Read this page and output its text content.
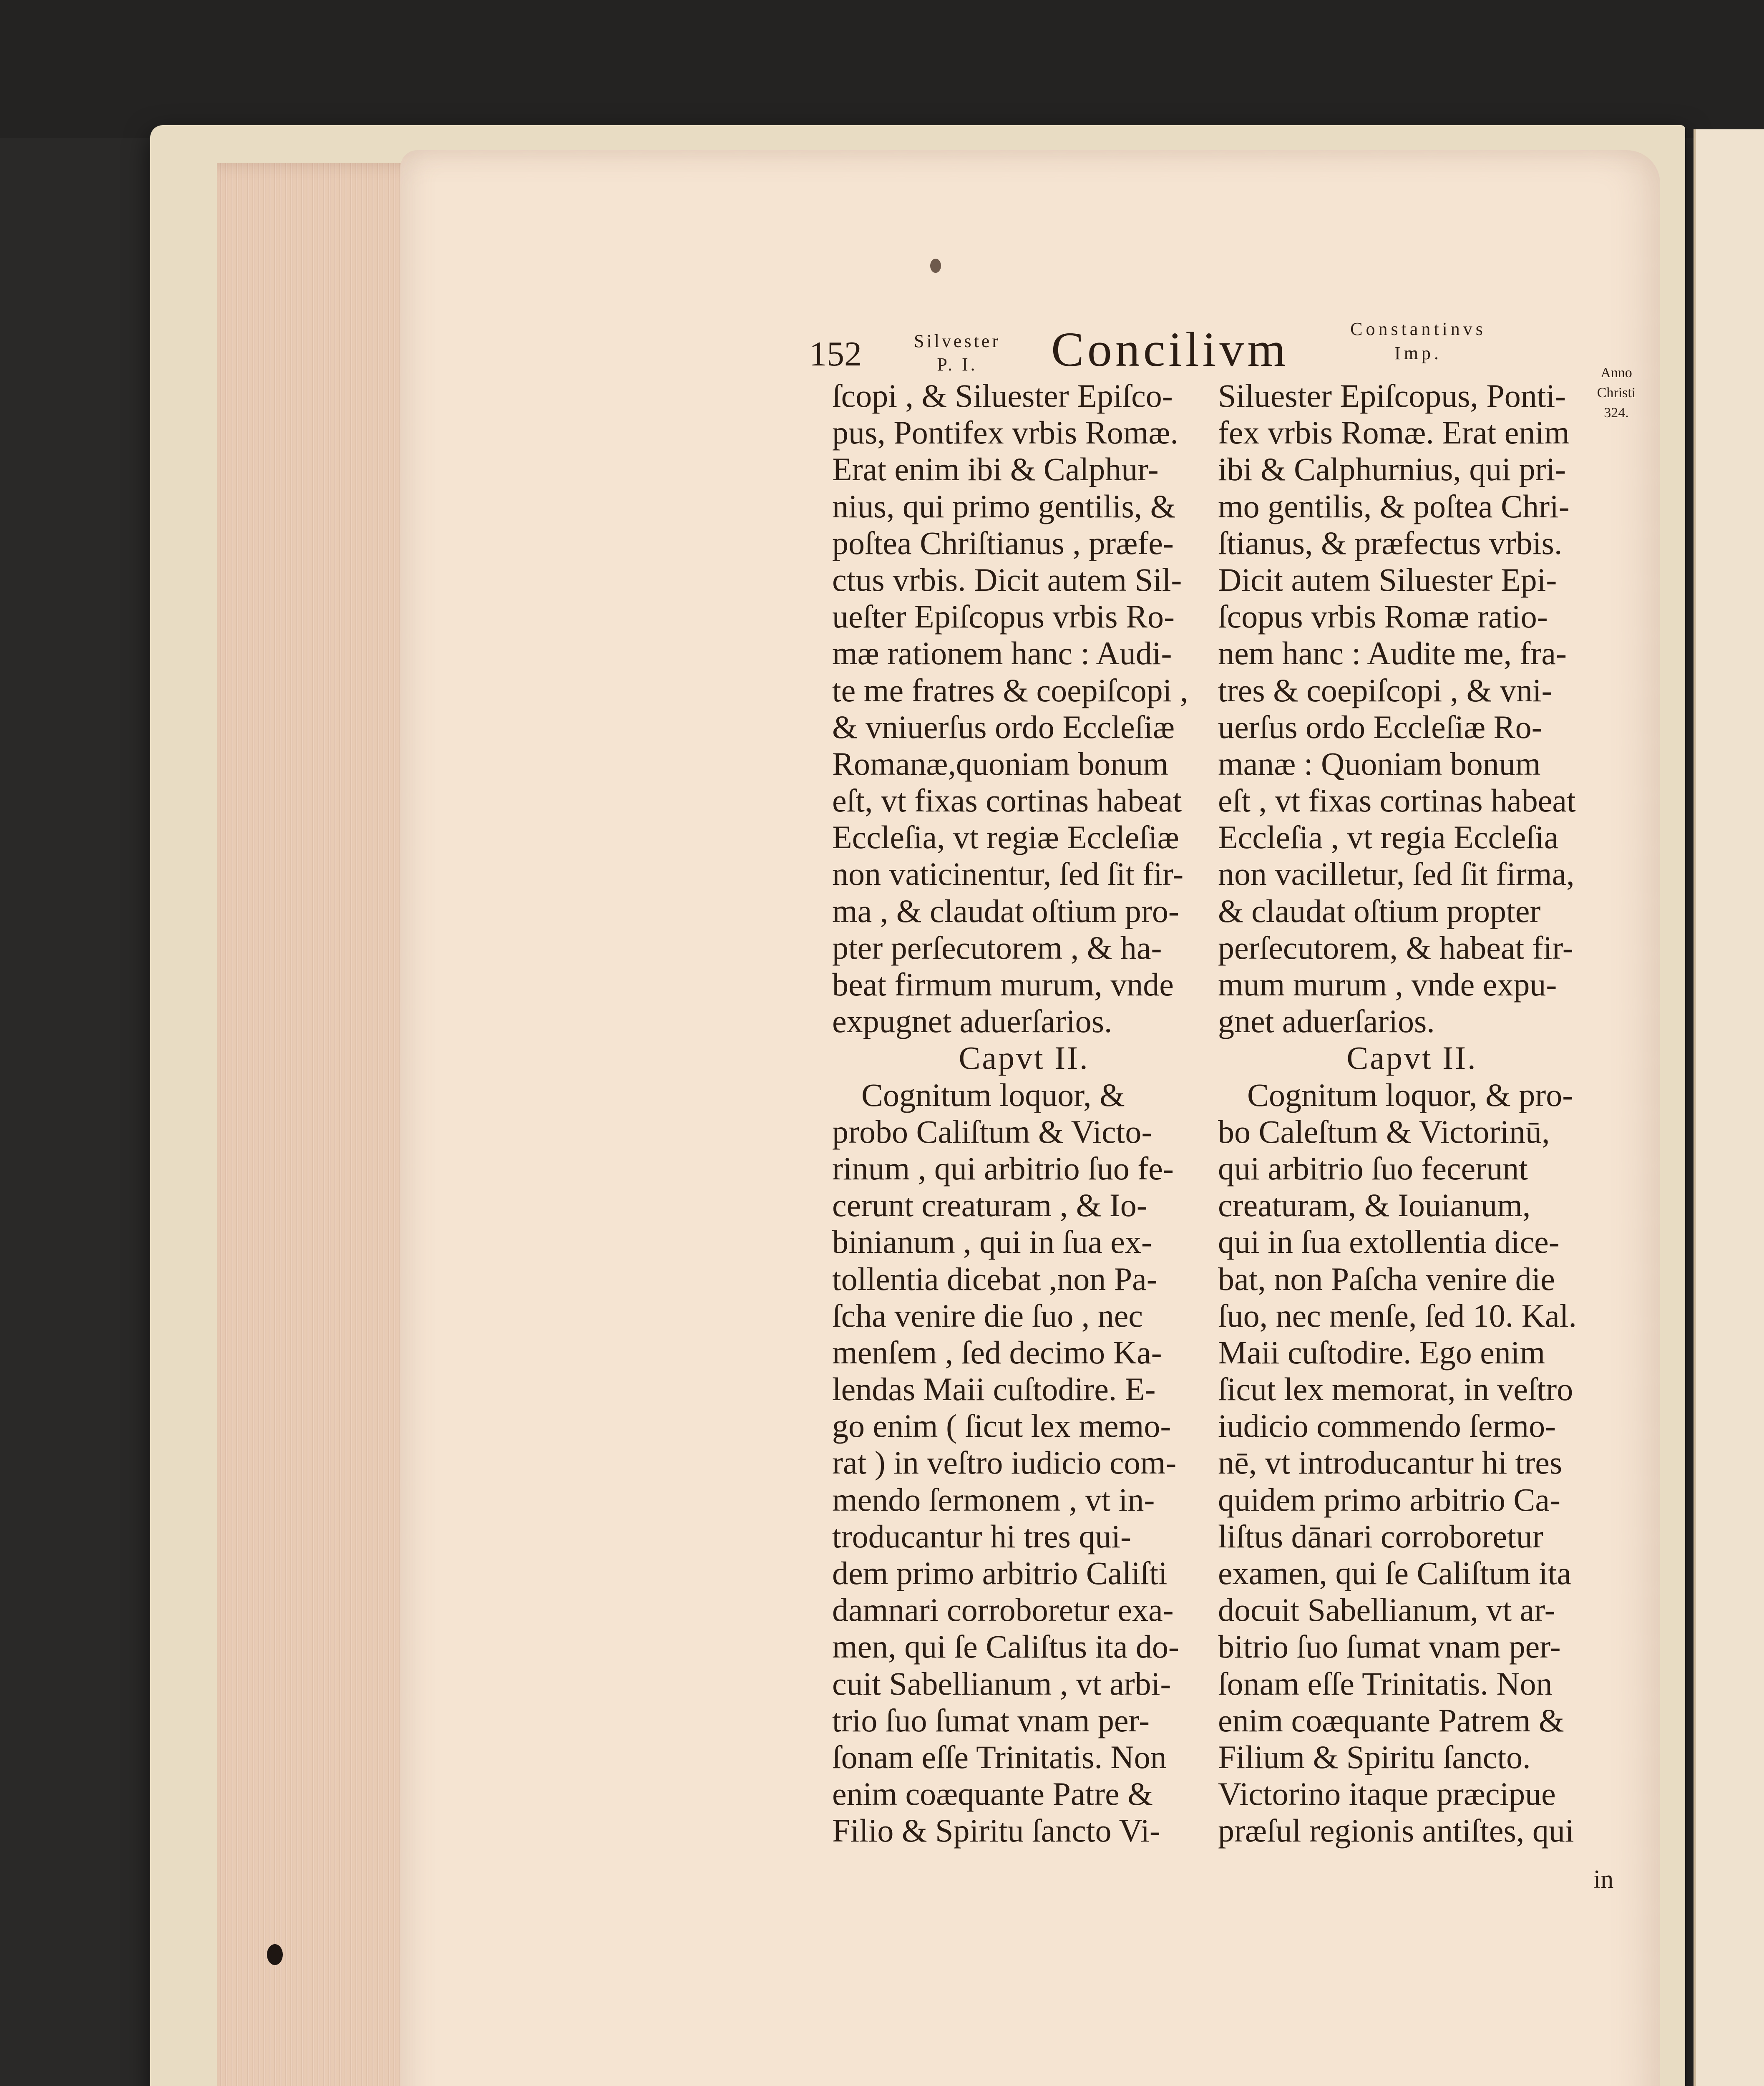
152	Silvester
P. I.	Concilivm	Constantinvs
Imp.
Anno
Christi
324.
ſcopi , & Siluester Epiſco-
pus, Pontifex vrbis Romæ.
Erat enim ibi & Calphur-
nius, qui primo gentilis, &
poſtea Chriſtianus , præfe-
ctus vrbis. Dicit autem Sil-
ueſter Epiſcopus vrbis Ro-
mæ rationem hanc : Audi-
te me fratres & coepiſcopi ,
& vniuerſus ordo Eccleſiæ
Romanæ,quoniam bonum
eſt, vt fixas cortinas habeat
Eccleſia, vt regiæ Eccleſiæ
non vaticinentur, ſed ſit fir-
ma , & claudat oſtium pro-
pter perſecutorem , & ha-
beat firmum murum, vnde
expugnet aduerſarios.
Capvt II.
Cognitum loquor, &
probo Caliſtum & Victo-
rinum , qui arbitrio ſuo fe-
cerunt creaturam , & Io-
binianum , qui in ſua ex-
tollentia dicebat ,non Pa-
ſcha venire die ſuo , nec
menſem , ſed decimo Ka-
lendas Maii cuſtodire. E-
go enim ( ſicut lex memo-
rat ) in veſtro iudicio com-
mendo ſermonem , vt in-
troducantur hi tres qui-
dem primo arbitrio Caliſti
damnari corroboretur exa-
men, qui ſe Caliſtus ita do-
cuit Sabellianum , vt arbi-
trio ſuo ſumat vnam per-
ſonam eſſe Trinitatis. Non
enim coæquante Patre &
Filio & Spiritu ſancto Vi-
Siluester Epiſcopus, Ponti-
fex vrbis Romæ. Erat enim
ibi & Calphurnius, qui pri-
mo gentilis, & poſtea Chri-
ſtianus, & præfectus vrbis.
Dicit autem Siluester Epi-
ſcopus vrbis Romæ ratio-
nem hanc : Audite me, fra-
tres & coepiſcopi , & vni-
uerſus ordo Eccleſiæ Ro-
manæ : Quoniam bonum
eſt , vt fixas cortinas habeat
Eccleſia , vt regia Eccleſia
non vacilletur, ſed ſit firma,
& claudat oſtium propter
perſecutorem, & habeat fir-
mum murum , vnde expu-
gnet aduerſarios.
Capvt II.
Cognitum loquor, & pro-
bo Caleſtum & Victorinū,
qui arbitrio ſuo fecerunt
creaturam, & Iouianum,
qui in ſua extollentia dice-
bat, non Paſcha venire die
ſuo, nec menſe, ſed 10. Kal.
Maii cuſtodire. Ego enim
ſicut lex memorat, in veſtro
iudicio commendo ſermo-
nē, vt introducantur hi tres
quidem primo arbitrio Ca-
liſtus dānari corroboretur
examen, qui ſe Caliſtum ita
docuit Sabellianum, vt ar-
bitrio ſuo ſumat vnam per-
ſonam eſſe Trinitatis. Non
enim coæquante Patrem &
Filium & Spiritu ſancto.
Victorino itaque præcipue
præſul regionis antiſtes, qui
in
